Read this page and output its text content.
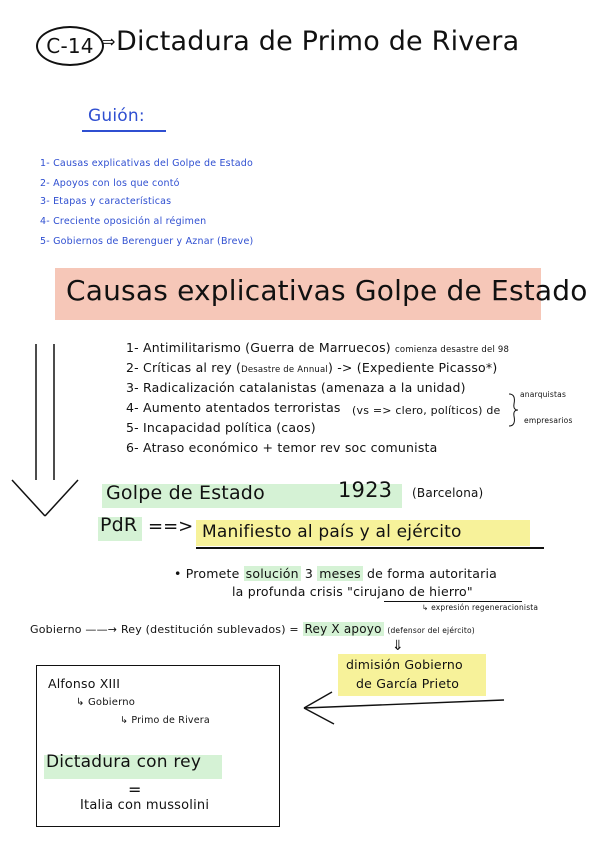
C-14 ⇒ Dictadura de Primo de Rivera
Guión:
1- Causas explicativas del Golpe de Estado
2- Apoyos con los que contó
3- Etapas y características
4- Creciente oposición al régimen
5- Gobiernos de Berenguer y Aznar (Breve)
Causas explicativas Golpe de Estado
1- Antimilitarismo (Guerra de Marruecos) comienza desastre del 98
2- Críticas al rey (Desastre de Annual) -> (Expediente Picasso*)
3- Radicalización catalanistas (amenaza a la unidad)
4- Aumento atentados terroristas
5- Incapacidad política (caos)
6- Atraso económico + temor rev soc comunista
(vs => clero, políticos) de
anarquistas
empresarios
Golpe de Estado	1923 (Barcelona)
PdR ==> Manifiesto al país y al ejército
• Promete solución 3 meses de forma autoritaria
la profunda crisis "cirujano de hierro"
↳ expresión regeneracionista
Gobierno ——→ Rey (destitución sublevados) = Rey X apoyo (defensor del ejército)
⇓
dimisión Gobierno
de García Prieto
Alfonso XIII
↳ Gobierno
↳ Primo de Rivera
Dictadura con rey
=
Italia con mussolini
